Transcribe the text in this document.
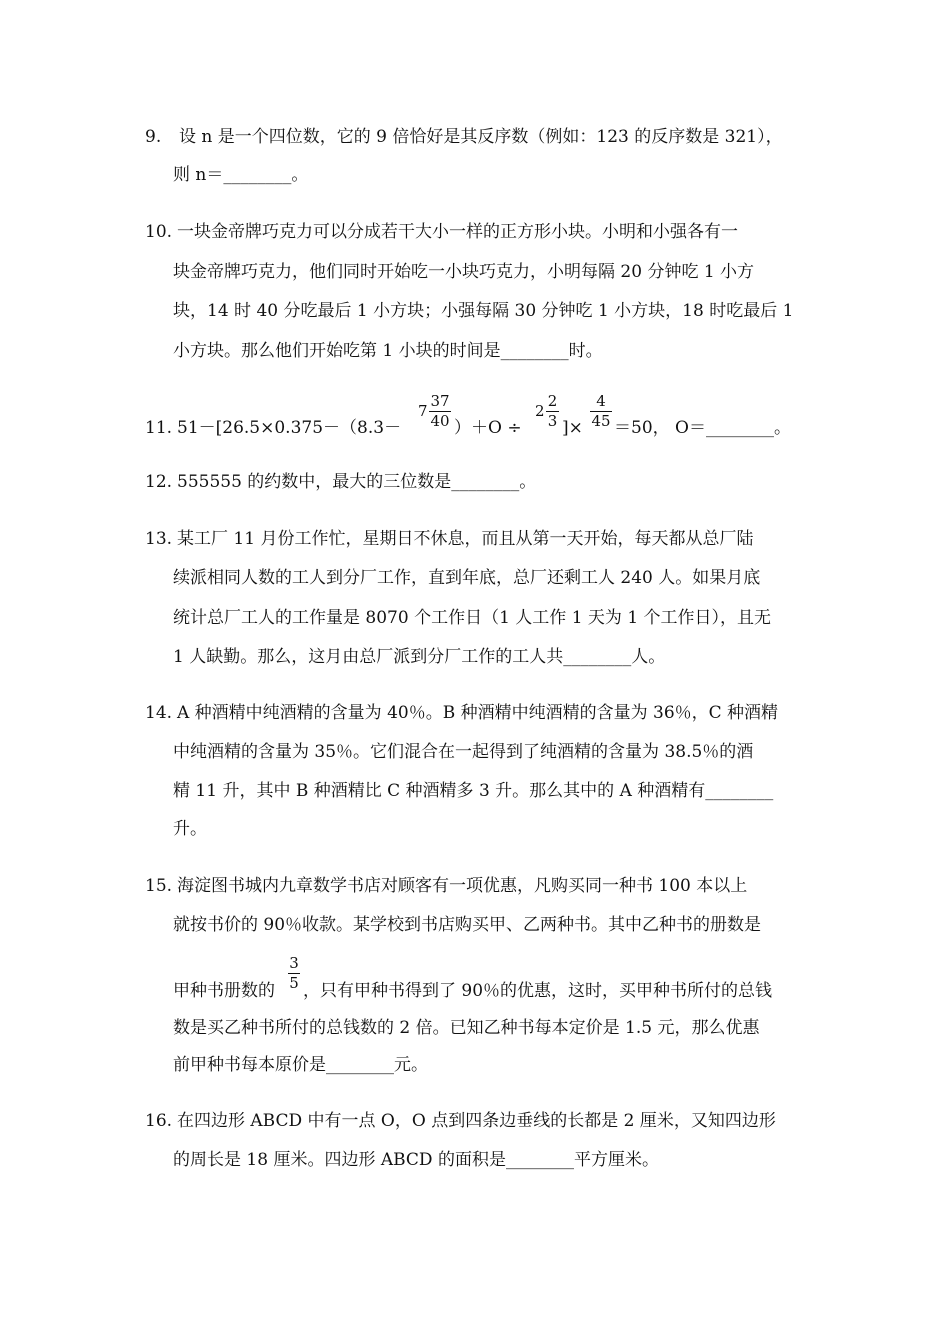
9. 设 n 是一个四位数，它的 9 倍恰好是其反序数（例如：123 的反序数是 321），
则 n＝________。
10. 一块金帝牌巧克力可以分成若干大小一样的正方形小块。小明和小强各有一
块金帝牌巧克力，他们同时开始吃一小块巧克力，小明每隔 20 分钟吃 1 小方
块，14 时 40 分吃最后 1 小方块；小强每隔 30 分钟吃 1 小方块，18 时吃最后 1
小方块。那么他们开始吃第 1 小块的时间是________时。
11. 51－[26.5×0.375－（8.3－
7
37
40 ）＋O ÷
2
2
3 ]×
4
45 ＝50， O＝________。
12. 555555 的约数中，最大的三位数是________。
13. 某工厂 11 月份工作忙，星期日不休息，而且从第一天开始，每天都从总厂陆
续派相同人数的工人到分厂工作，直到年底，总厂还剩工人 240 人。如果月底
统计总厂工人的工作量是 8070 个工作日（1 人工作 1 天为 1 个工作日），且无
1 人缺勤。那么，这月由总厂派到分厂工作的工人共________人。
14. A 种酒精中纯酒精的含量为 40％。B 种酒精中纯酒精的含量为 36％，C 种酒精
中纯酒精的含量为 35％。它们混合在一起得到了纯酒精的含量为 38.5％的酒
精 11 升，其中 B 种酒精比 C 种酒精多 3 升。那么其中的 A 种酒精有________
升。
15. 海淀图书城内九章数学书店对顾客有一项优惠，凡购买同一种书 100 本以上
就按书价的 90％收款。某学校到书店购买甲、乙两种书。其中乙种书的册数是
甲种书册数的
3
5 ，只有甲种书得到了 90％的优惠，这时，买甲种书所付的总钱
数是买乙种书所付的总钱数的 2 倍。已知乙种书每本定价是 1.5 元，那么优惠
前甲种书每本原价是________元。
16. 在四边形 ABCD 中有一点 O，O 点到四条边垂线的长都是 2 厘米，又知四边形
的周长是 18 厘米。四边形 ABCD 的面积是________平方厘米。
